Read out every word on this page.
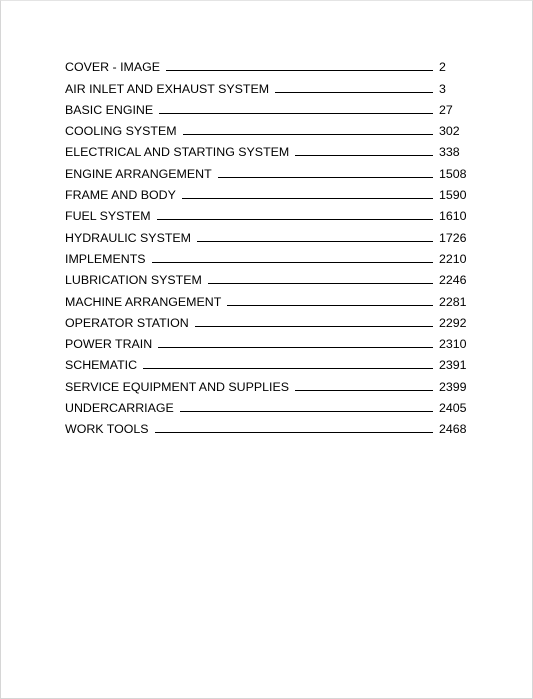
COVER - IMAGE	2
AIR INLET AND EXHAUST SYSTEM	3
BASIC ENGINE	27
COOLING SYSTEM	302
ELECTRICAL AND STARTING SYSTEM	338
ENGINE ARRANGEMENT	1508
FRAME AND BODY	1590
FUEL SYSTEM	1610
HYDRAULIC SYSTEM	1726
IMPLEMENTS	2210
LUBRICATION SYSTEM	2246
MACHINE ARRANGEMENT	2281
OPERATOR STATION	2292
POWER TRAIN	2310
SCHEMATIC	2391
SERVICE EQUIPMENT AND SUPPLIES	2399
UNDERCARRIAGE	2405
WORK TOOLS	2468
